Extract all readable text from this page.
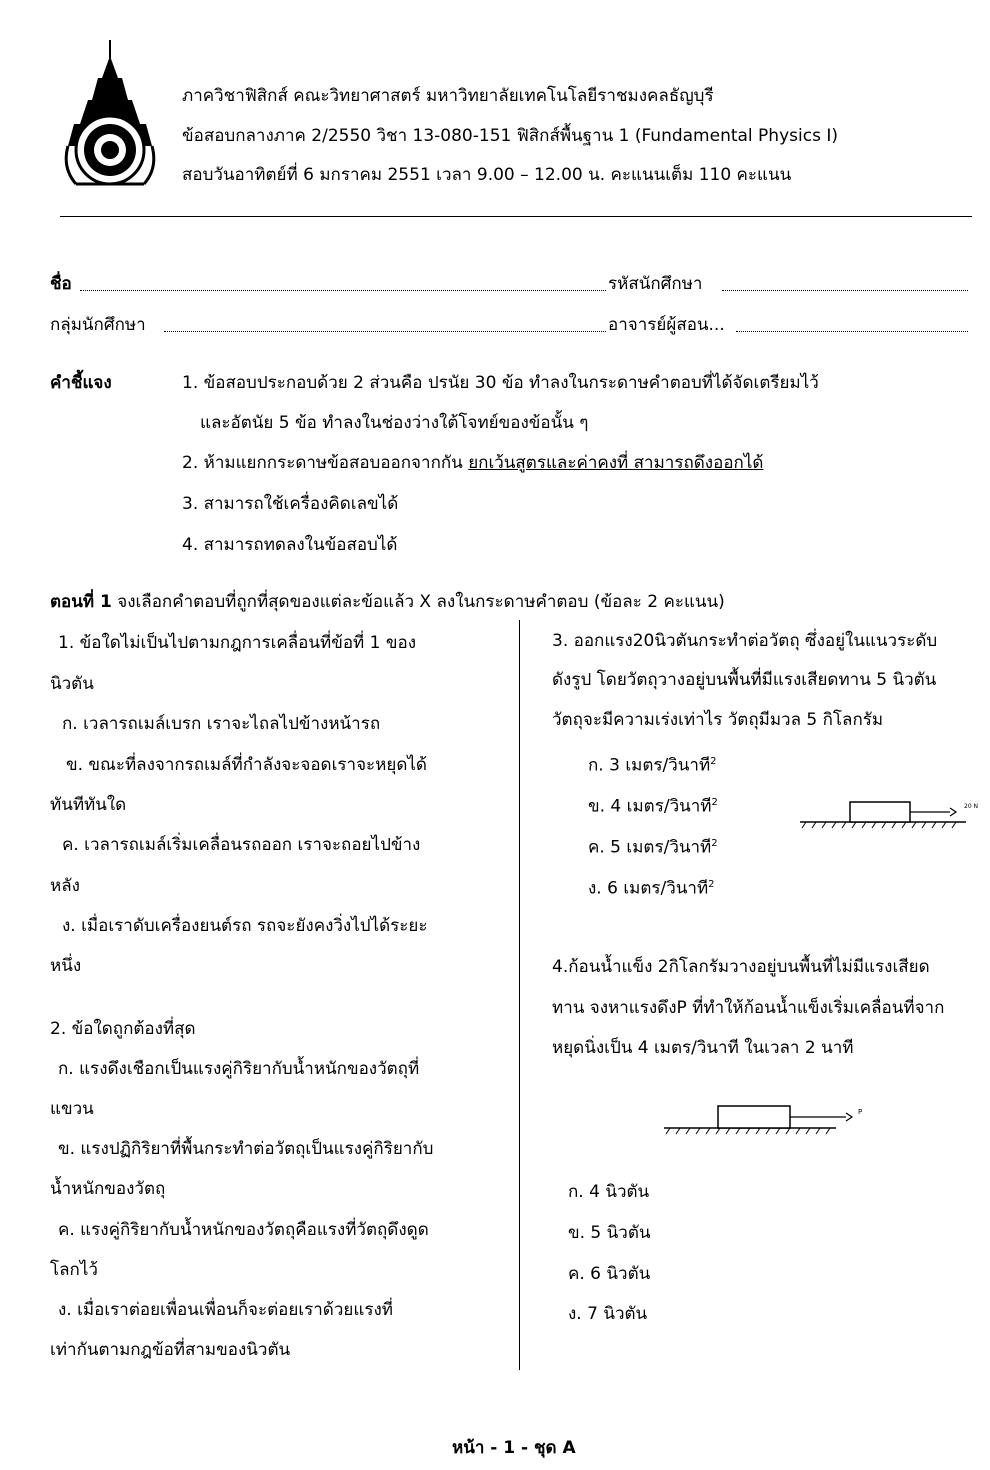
ภาควิชาฟิสิกส์ คณะวิทยาศาสตร์ มหาวิทยาลัยเทคโนโลยีราชมงคลธัญบุรี
ข้อสอบกลางภาค 2/2550 วิชา 13-080-151 ฟิสิกส์พื้นฐาน 1 (Fundamental Physics I)
สอบวันอาทิตย์ที่ 6 มกราคม 2551 เวลา 9.00 – 12.00 น. คะแนนเต็ม 110 คะแนน
ชื่อ	รหัสนักศึกษา
กลุ่มนักศึกษา	อาจารย์ผู้สอน...
คำชี้แจง	1. ข้อสอบประกอบด้วย 2 ส่วนคือ ปรนัย 30 ข้อ ทำลงในกระดาษคำตอบที่ได้จัดเตรียมไว้
และอัตนัย 5 ข้อ ทำลงในช่องว่างใต้โจทย์ของข้อนั้น ๆ
2. ห้ามแยกกระดาษข้อสอบออกจากกัน ยกเว้นสูตรและค่าคงที่ สามารถดึงออกได้
3. สามารถใช้เครื่องคิดเลขได้
4. สามารถทดลงในข้อสอบได้
ตอนที่ 1 จงเลือกคำตอบที่ถูกที่สุดของแต่ละข้อแล้ว X ลงในกระดาษคำตอบ (ข้อละ 2 คะแนน)
1. ข้อใดไม่เป็นไปตามกฎการเคลื่อนที่ข้อที่ 1 ของ
นิวตัน
ก. เวลารถเมล์เบรก เราจะไถลไปข้างหน้ารถ
ข. ขณะที่ลงจากรถเมล์ที่กำลังจะจอดเราจะหยุดได้
ทันทีทันใด
ค. เวลารถเมล์เริ่มเคลื่อนรถออก เราจะถอยไปข้าง
หลัง
ง. เมื่อเราดับเครื่องยนต์รถ รถจะยังคงวิ่งไปได้ระยะ
หนึ่ง
2. ข้อใดถูกต้องที่สุด
ก. แรงดึงเชือกเป็นแรงคู่กิริยากับน้ำหนักของวัตถุที่
แขวน
ข. แรงปฏิกิริยาที่พื้นกระทำต่อวัตถุเป็นแรงคู่กิริยากับ
น้ำหนักของวัตถุ
ค. แรงคู่กิริยากับน้ำหนักของวัตถุคือแรงที่วัตถุดึงดูด
โลกไว้
ง. เมื่อเราต่อยเพื่อนเพื่อนก็จะต่อยเราด้วยแรงที่
เท่ากันตามกฎข้อที่สามของนิวตัน
3. ออกแรง20นิวตันกระทำต่อวัตถุ ซึ่งอยู่ในแนวระดับ
ดังรูป โดยวัตถุวางอยู่บนพื้นที่มีแรงเสียดทาน 5 นิวตัน
วัตถุจะมีความเร่งเท่าไร วัตถุมีมวล 5 กิโลกรัม
ก. 3 เมตร/วินาที$^2$
ข. 4 เมตร/วินาที$^2$
ค. 5 เมตร/วินาที$^2$
ง. 6 เมตร/วินาที$^2$
20 N
4.ก้อนน้ำแข็ง 2กิโลกรัมวางอยู่บนพื้นที่ไม่มีแรงเสียด
ทาน จงหาแรงดึงP ที่ทำให้ก้อนน้ำแข็งเริ่มเคลื่อนที่จาก
หยุดนิ่งเป็น 4 เมตร/วินาที ในเวลา 2 นาที
P
ก. 4 นิวตัน
ข. 5 นิวตัน
ค. 6 นิวตัน
ง. 7 นิวตัน
หน้า - 1 - ชุด A
